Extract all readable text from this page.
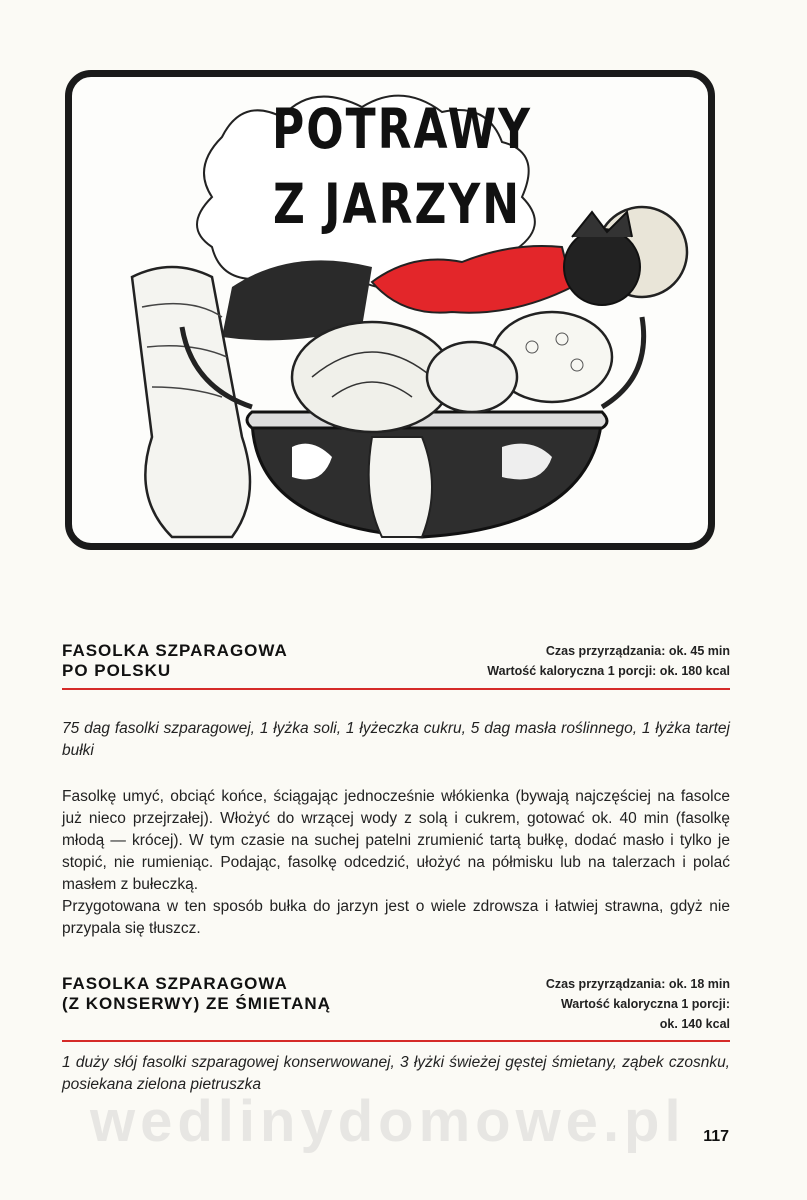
POTRAWY
Z JARZYN
FASOLKA SZPARAGOWA
PO POLSKU
Czas przyrządzania: ok. 45 min
Wartość kaloryczna 1 porcji: ok. 180 kcal
75 dag fasolki szparagowej, 1 łyżka soli, 1 łyżeczka cukru, 5 dag masła roślinnego, 1 łyżka tartej bułki

Fasolkę umyć, obciąć końce, ściągając jednocześnie włókienka (bywają najczęściej na fasolce już nieco przejrzałej). Włożyć do wrzącej wody z solą i cukrem, gotować ok. 40 min (fasolkę młodą — krócej). W tym czasie na suchej patelni zrumienić tartą bułkę, dodać masło i tylko je stopić, nie rumieniąc. Podając, fasolkę odcedzić, ułożyć na półmisku lub na talerzach i polać masłem z bułeczką.

Przygotowana w ten sposób bułka do jarzyn jest o wiele zdrowsza i łatwiej strawna, gdyż nie przypala się tłuszcz.

FASOLKA SZPARAGOWA
(Z KONSERWY) ZE ŚMIETANĄ
Czas przyrządzania: ok. 18 min
Wartość kaloryczna 1 porcji:
ok. 140 kcal
1 duży słój fasolki szparagowej konserwowanej, 3 łyżki świeżej gęstej śmietany, ząbek czosnku, posiekana zielona pietruszka
wedlinydomowe.pl	117
